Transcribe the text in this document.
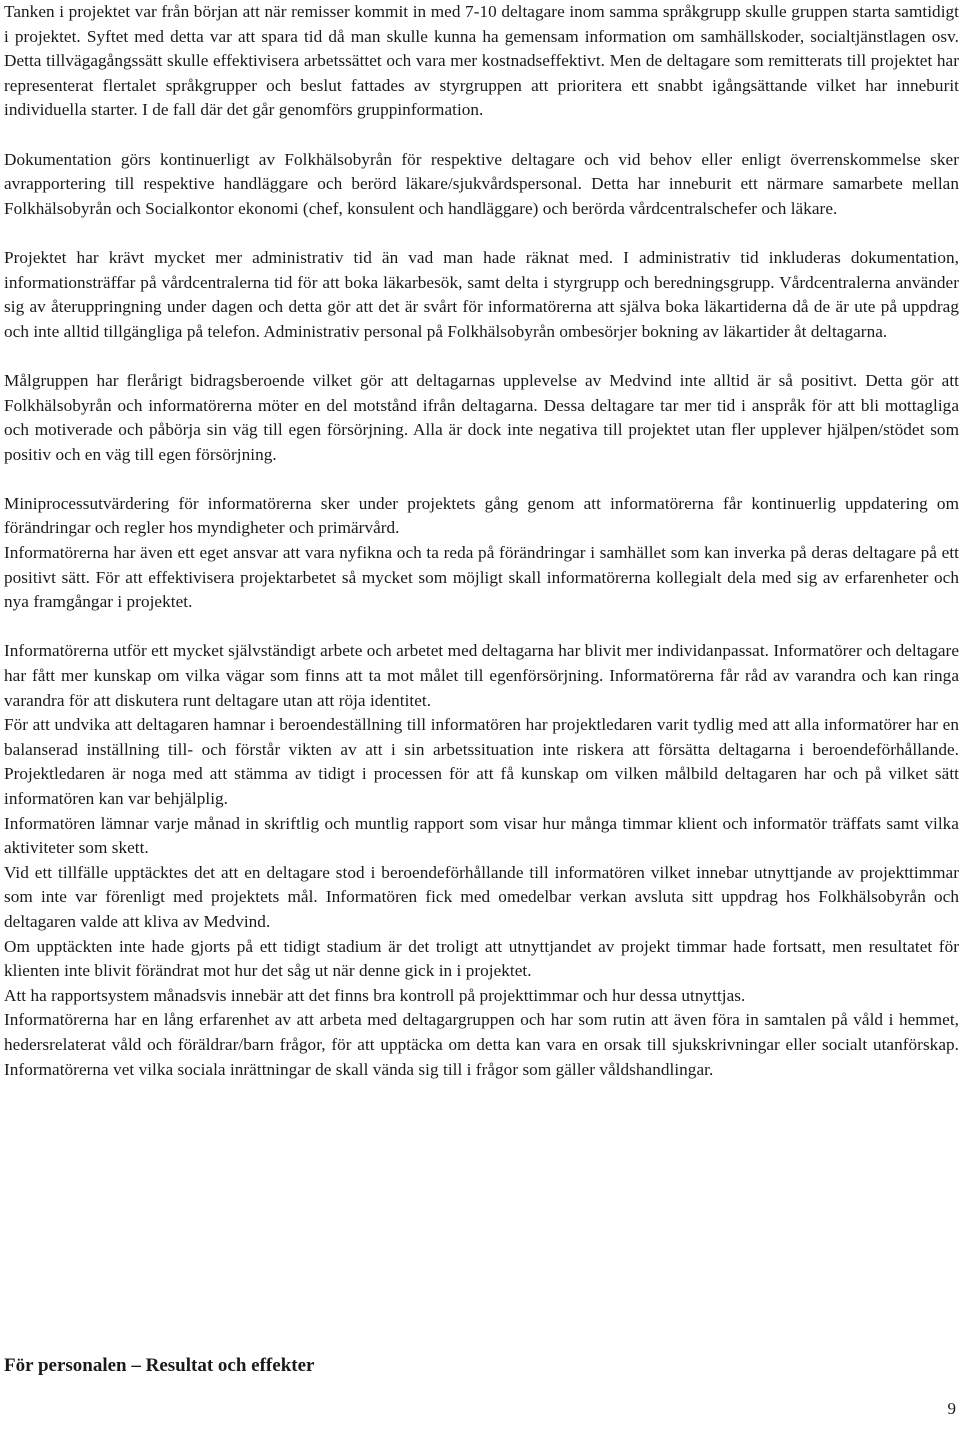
Tanken i projektet var från början att när remisser kommit in med 7-10 deltagare inom samma språkgrupp skulle gruppen starta samtidigt i projektet. Syftet med detta var att spara tid då man skulle kunna ha gemensam information om samhällskoder, socialtjänstlagen osv. Detta tillvägagångssätt skulle effektivisera arbetssättet och vara mer kostnadseffektivt. Men de deltagare som remitterats till projektet har representerat flertalet språkgrupper och beslut fattades av styrgruppen att prioritera ett snabbt igångsättande vilket har inneburit individuella starter. I de fall där det går genomförs gruppinformation.

Dokumentation görs kontinuerligt av Folkhälsobyrån för respektive deltagare och vid behov eller enligt överrenskommelse sker avrapportering till respektive handläggare och berörd läkare/sjukvårdspersonal. Detta har inneburit ett närmare samarbete mellan Folkhälsobyrån och Socialkontor ekonomi (chef, konsulent och handläggare) och berörda vårdcentralschefer och läkare.

Projektet har krävt mycket mer administrativ tid än vad man hade räknat med. I administrativ tid inkluderas dokumentation, informationsträffar på vårdcentralerna tid för att boka läkarbesök, samt delta i styrgrupp och beredningsgrupp. Vårdcentralerna använder sig av återuppringning under dagen och detta gör att det är svårt för informatörerna att själva boka läkartiderna då de är ute på uppdrag och inte alltid tillgängliga på telefon. Administrativ personal på Folkhälsobyrån ombesörjer bokning av läkartider åt deltagarna.

Målgruppen har flerårigt bidragsberoende vilket gör att deltagarnas upplevelse av Medvind inte alltid är så positivt. Detta gör att Folkhälsobyrån och informatörerna möter en del motstånd ifrån deltagarna. Dessa deltagare tar mer tid i anspråk för att bli mottagliga och motiverade och påbörja sin väg till egen försörjning. Alla är dock inte negativa till projektet utan fler upplever hjälpen/stödet som positiv och en väg till egen försörjning.

Miniprocessutvärdering för informatörerna sker under projektets gång genom att informatörerna får kontinuerlig uppdatering om förändringar och regler hos myndigheter och primärvård.

Informatörerna har även ett eget ansvar att vara nyfikna och ta reda på förändringar i samhället som kan inverka på deras deltagare på ett positivt sätt. För att effektivisera projektarbetet så mycket som möjligt skall informatörerna kollegialt dela med sig av erfarenheter och nya framgångar i projektet.

Informatörerna utför ett mycket självständigt arbete och arbetet med deltagarna har blivit mer individanpassat. Informatörer och deltagare har fått mer kunskap om vilka vägar som finns att ta mot målet till egenförsörjning. Informatörerna får råd av varandra och kan ringa varandra för att diskutera runt deltagare utan att röja identitet.

För att undvika att deltagaren hamnar i beroendeställning till informatören har projektledaren varit tydlig med att alla informatörer har en balanserad inställning till- och förstår vikten av att i sin arbetssituation inte riskera att försätta deltagarna i beroendeförhållande. Projektledaren är noga med att stämma av tidigt i processen för att få kunskap om vilken målbild deltagaren har och på vilket sätt informatören kan var behjälplig.

Informatören lämnar varje månad in skriftlig och muntlig rapport som visar hur många timmar klient och informatör träffats samt vilka aktiviteter som skett.

Vid ett tillfälle upptäcktes det att en deltagare stod i beroendeförhållande till informatören vilket innebar utnyttjande av projekttimmar som inte var förenligt med projektets mål. Informatören fick med omedelbar verkan avsluta sitt uppdrag hos Folkhälsobyrån och deltagaren valde att kliva av Medvind.

Om upptäckten inte hade gjorts på ett tidigt stadium är det troligt att utnyttjandet av projekt timmar hade fortsatt, men resultatet för klienten inte blivit förändrat mot hur det såg ut när denne gick in i projektet.

Att ha rapportsystem månadsvis innebär att det finns bra kontroll på projekttimmar och hur dessa utnyttjas.

Informatörerna har en lång erfarenhet av att arbeta med deltagargruppen och har som rutin att även föra in samtalen på våld i hemmet, hedersrelaterat våld och föräldrar/barn frågor, för att upptäcka om detta kan vara en orsak till sjukskrivningar eller socialt utanförskap. Informatörerna vet vilka sociala inrättningar de skall vända sig till i frågor som gäller våldshandlingar.

För personalen – Resultat och effekter
9
